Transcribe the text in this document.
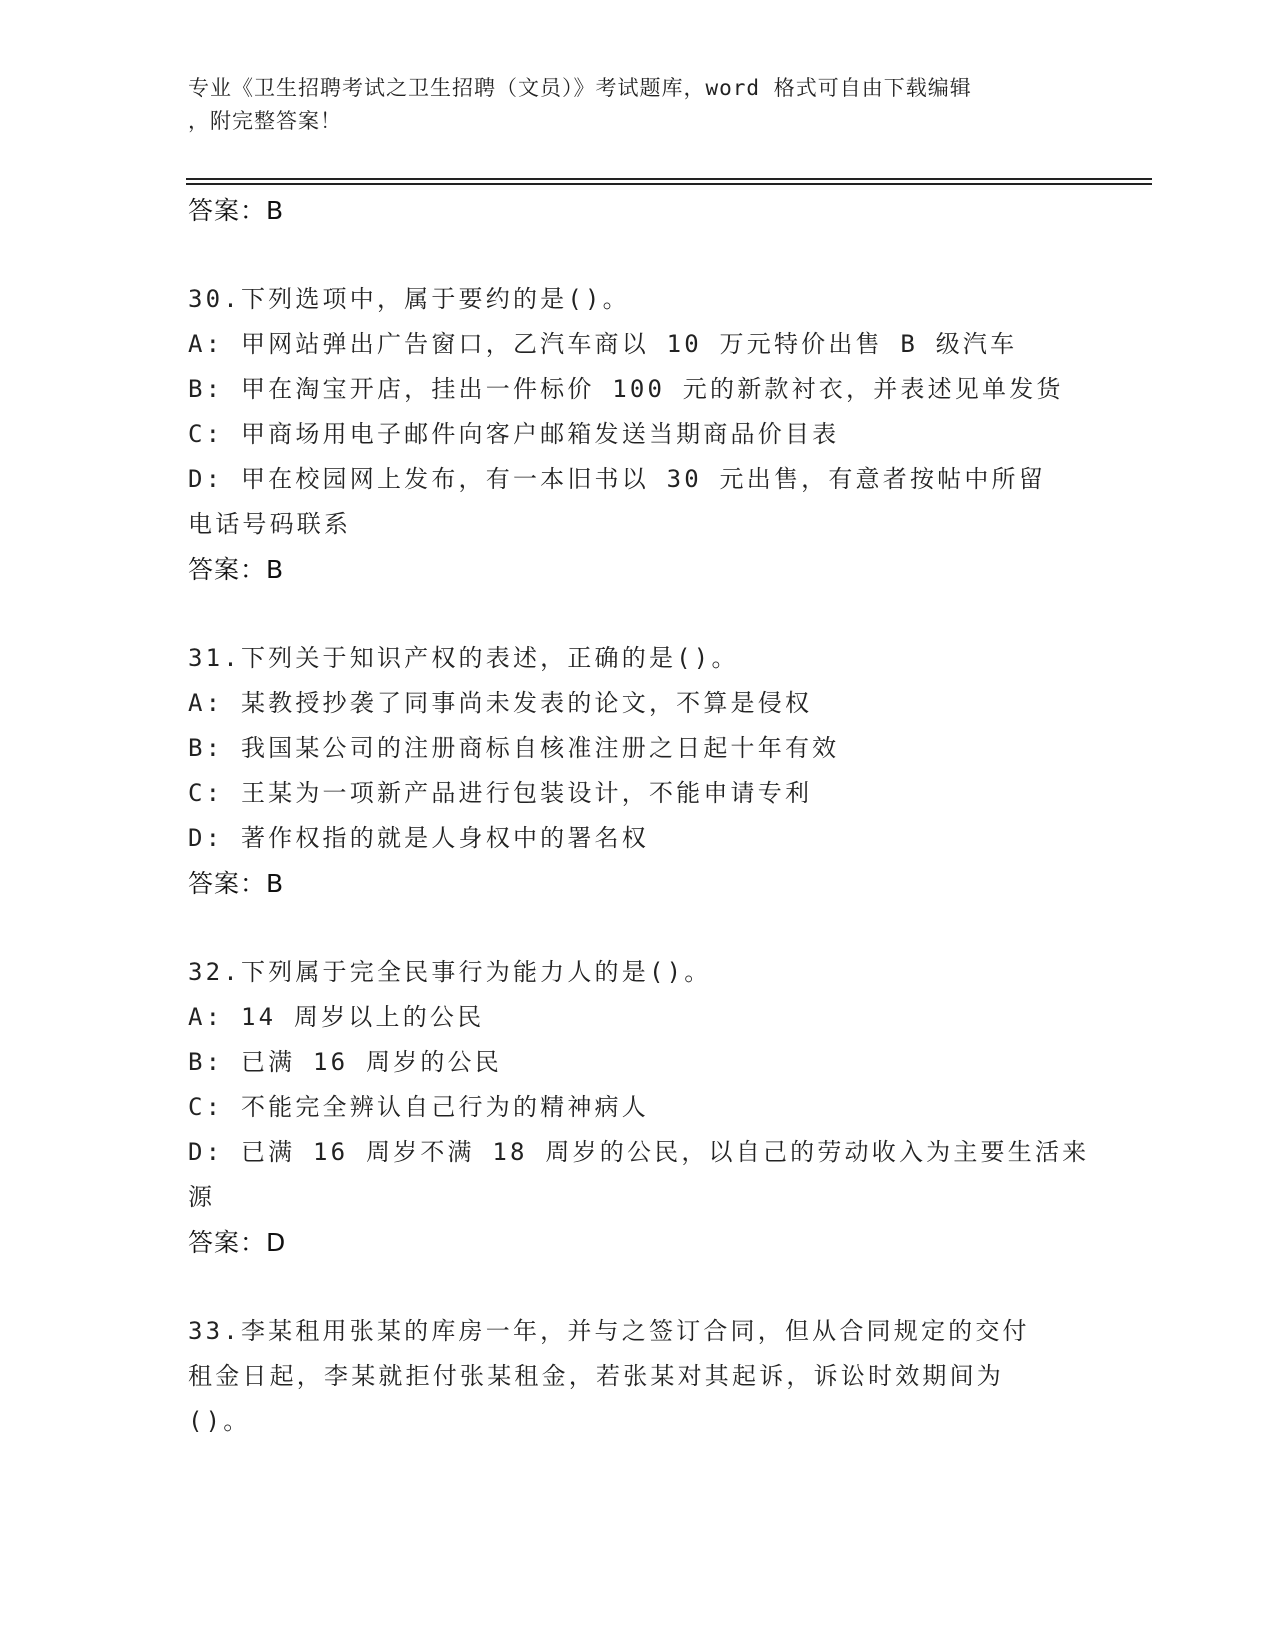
专业《卫生招聘考试之卫生招聘（文员）》考试题库，word 格式可自由下载编辑
，附完整答案！
答案：B
30.下列选项中，属于要约的是()。
A: 甲网站弹出广告窗口，乙汽车商以 10 万元特价出售 B 级汽车
B: 甲在淘宝开店，挂出一件标价 100 元的新款衬衣，并表述见单发货
C: 甲商场用电子邮件向客户邮箱发送当期商品价目表
D: 甲在校园网上发布，有一本旧书以 30 元出售，有意者按帖中所留
电话号码联系
答案：B
31.下列关于知识产权的表述，正确的是()。
A: 某教授抄袭了同事尚未发表的论文，不算是侵权
B: 我国某公司的注册商标自核准注册之日起十年有效
C: 王某为一项新产品进行包装设计，不能申请专利
D: 著作权指的就是人身权中的署名权
答案：B
32.下列属于完全民事行为能力人的是()。
A: 14 周岁以上的公民
B: 已满 16 周岁的公民
C: 不能完全辨认自己行为的精神病人
D: 已满 16 周岁不满 18 周岁的公民，以自己的劳动收入为主要生活来
源
答案：D
33.李某租用张某的库房一年，并与之签订合同，但从合同规定的交付
租金日起，李某就拒付张某租金，若张某对其起诉，诉讼时效期间为
()。
